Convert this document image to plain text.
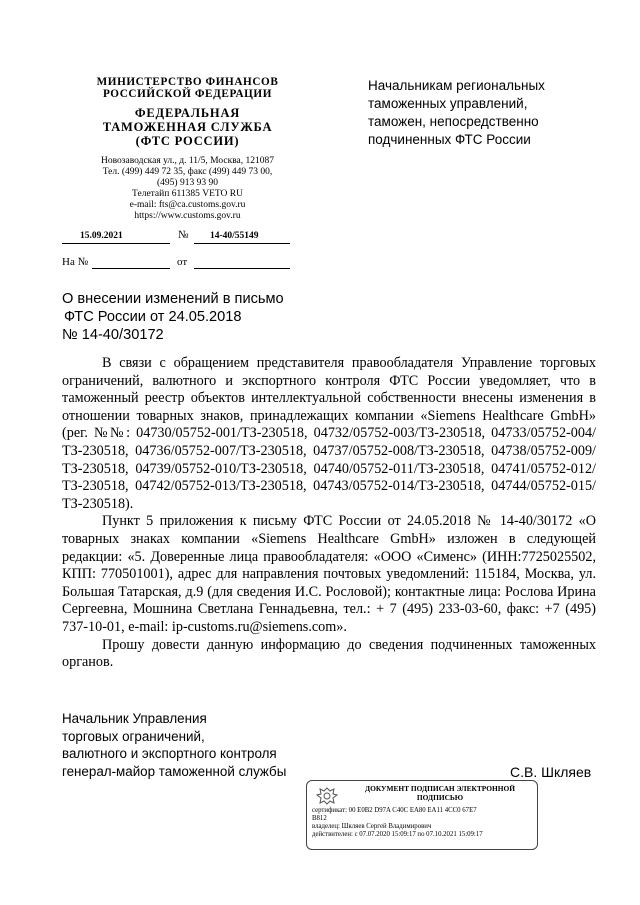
МИНИСТЕРСТВО ФИНАНСОВ
РОССИЙСКОЙ ФЕДЕРАЦИИ
ФЕДЕРАЛЬНАЯ
ТАМОЖЕННАЯ СЛУЖБА
(ФТС РОССИИ)
Новозаводская ул., д. 11/5, Москва, 121087
Тел. (499) 449 72 35, факс (499) 449 73 00,
(495) 913 93 90
Телетайп 611385 VETO RU
e-mail: fts@ca.customs.gov.ru
https://www.customs.gov.ru
15.09.2021	№ 14-40/55149
На №	от
Начальникам региональных
таможенных управлений,
таможен, непосредственно
подчиненных ФТС России
О внесении изменений в письмо
ФТС России от 24.05.2018
№ 14-40/30172

В связи с обращением представителя правообладателя Управление торговых ограничений, валютного и экспортного контроля ФТС России уведомляет, что в таможенный реестр объектов интеллектуальной собственности внесены изменения в отношении товарных знаков, принадлежащих компании «Siemens Healthcare GmbH» (рег. №№: 04730/05752-001/ТЗ-230518, 04732/05752-003/ТЗ-230518, 04733/05752-004/ТЗ-230518, 04736/05752-007/ТЗ-230518, 04737/05752-008/ТЗ-230518, 04738/05752-009/ТЗ-230518, 04739/05752-010/ТЗ-230518, 04740/05752-011/ТЗ-230518, 04741/05752-012/ ТЗ-230518, 04742/05752-013/ТЗ-230518, 04743/05752-014/ТЗ-230518, 04744/05752-015/ТЗ-230518).

Пункт 5 приложения к письму ФТС России от 24.05.2018 № 14-40/30172 «О товарных знаках компании «Siemens Healthcare GmbH» изложен в следующей редакции: «5. Доверенные лица правообладателя: «ООО «Сименс» (ИНН:7725025502, КПП: 770501001), адрес для направления почтовых уведомлений: 115184, Москва, ул. Большая Татарская, д.9 (для сведения И.С. Рословой); контактные лица: Рослова Ирина Сергеевна, Мошнина Светлана Геннадьевна, тел.: + 7 (495) 233-03-60, факс: +7 (495) 737-10-01, e-mail: ip-customs.ru@siemens.com».

Прошу довести данную информацию до сведения подчиненных таможенных органов.

Начальник Управления
торговых ограничений,
валютного и экспортного контроля
генерал-майор таможенной службы	С.В. Шкляев
ДОКУМЕНТ ПОДПИСАН ЭЛЕКТРОННОЙ
ПОДПИСЬЮ
сертификат: 00 E0B2 D97A C40C EA80 EA11 4CC0 67E7
B812
владелец: Шкляев Сергей Владимирович
действителен: с 07.07.2020 15:09:17 по 07.10.2021 15:09:17
